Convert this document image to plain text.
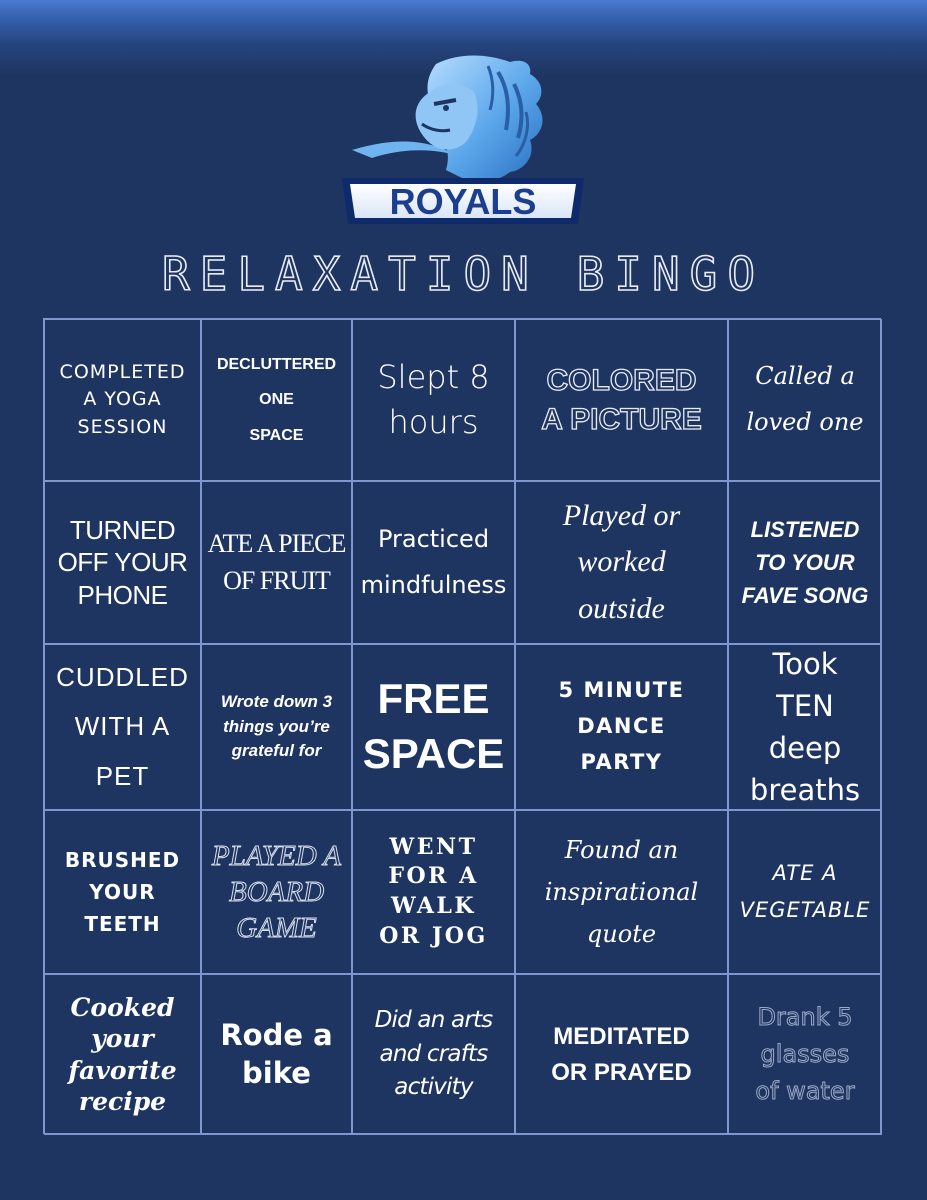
ROYALS
RELAXATION BINGO
COMPLETED
A YOGA
SESSION
DECLUTTERED
ONE
SPACE
Slept 8
hours
COLORED
A PICTURE
Called a
loved one
TURNED
OFF YOUR
PHONE
ATE A PIECE
OF FRUIT
Practiced
mindfulness
Played or
worked
outside
LISTENED
TO YOUR
FAVE SONG
CUDDLED
WITH A PET
Wrote down 3
things you’re
grateful for
FREE
SPACE
5 MINUTE
DANCE
PARTY
Took
TEN
deep
breaths
BRUSHED
YOUR
TEETH
PLAYED A
BOARD
GAME
WENT
FOR A
WALK
OR JOG
Found an
inspirational
quote
ATE A
VEGETABLE
Cooked
your
favorite
recipe
Rode a
bike
Did an arts
and crafts
activity
MEDITATED
OR PRAYED
Drank 5
glasses
of water
